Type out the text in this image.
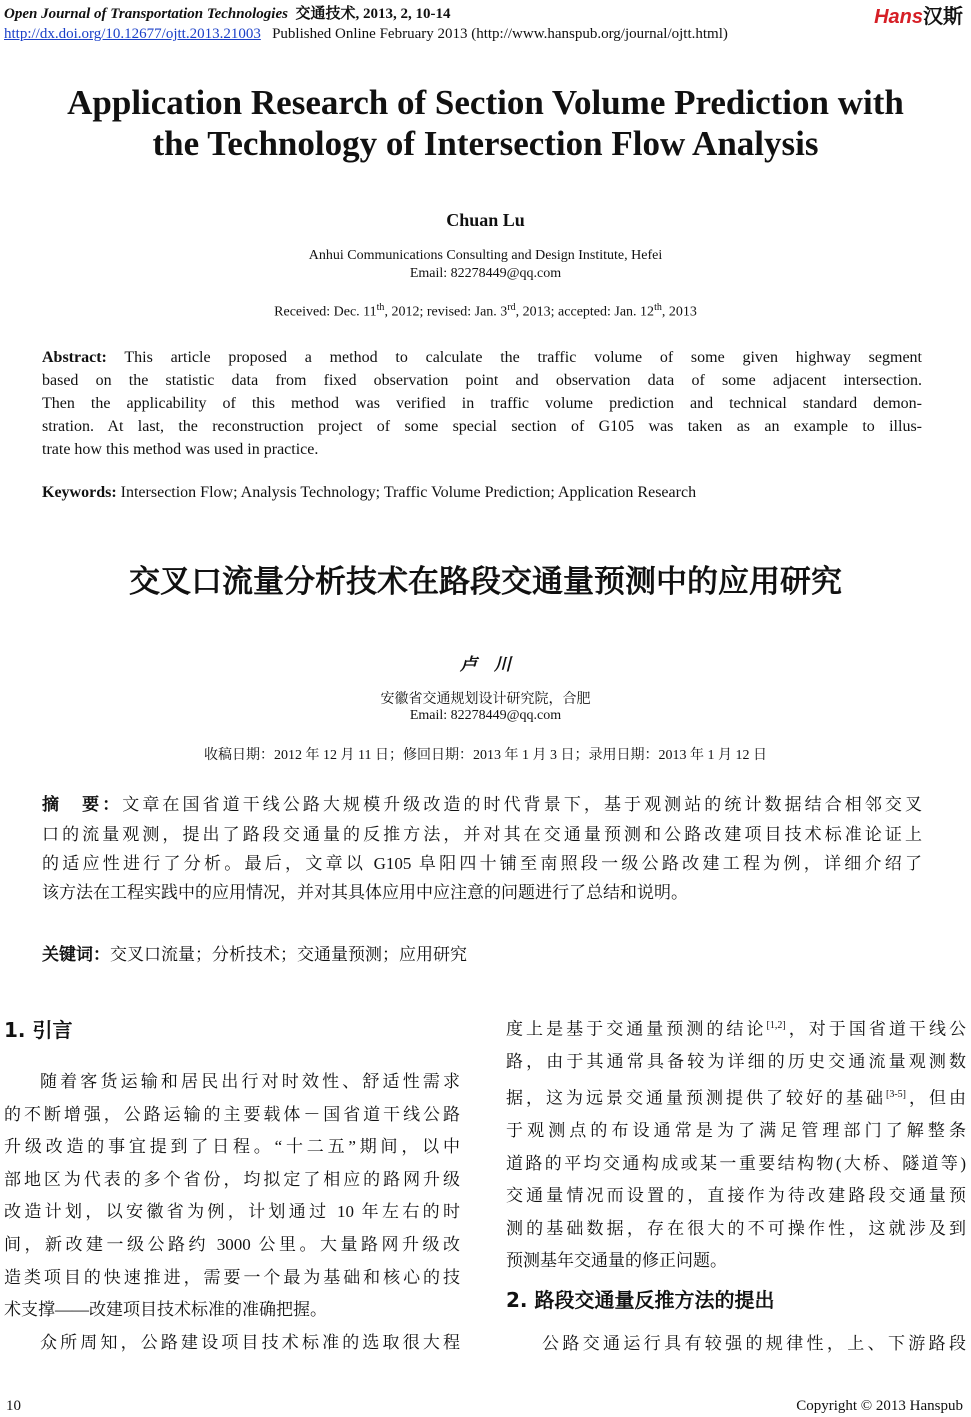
Open Journal of Transportation Technologies 交通技术, 2013, 2, 10-14	Hans汉斯
http://dx.doi.org/10.12677/ojtt.2013.21003 Published Online February 2013 (http://www.hanspub.org/journal/ojtt.html)
Application Research of Section Volume Prediction with
the Technology of Intersection Flow Analysis
Chuan Lu
Anhui Communications Consulting and Design Institute, Hefei
Email: 82278449@qq.com
Received: Dec. 11th, 2012; revised: Jan. 3rd, 2013; accepted: Jan. 12th, 2013
Abstract: This article proposed a method to calculate the traffic volume of some given highway segment
based on the statistic data from fixed observation point and observation data of some adjacent intersection.
Then the applicability of this method was verified in traffic volume prediction and technical standard demon-
stration. At last, the reconstruction project of some special section of G105 was taken as an example to illus-
trate how this method was used in practice.
Keywords: Intersection Flow; Analysis Technology; Traffic Volume Prediction; Application Research
交叉口流量分析技术在路段交通量预测中的应用研究
卢　川
安徽省交通规划设计研究院，合肥
Email: 82278449@qq.com
收稿日期：2012 年 12 月 11 日；修回日期：2013 年 1 月 3 日；录用日期：2013 年 1 月 12 日
摘　要：文章在国省道干线公路大规模升级改造的时代背景下，基于观测站的统计数据结合相邻交叉
口的流量观测，提出了路段交通量的反推方法，并对其在交通量预测和公路改建项目技术标准论证上
的适应性进行了分析。最后，文章以 G105 阜阳四十铺至南照段一级公路改建工程为例，详细介绍了
该方法在工程实践中的应用情况，并对其具体应用中应注意的问题进行了总结和说明。
关键词：交叉口流量；分析技术；交通量预测；应用研究
1. 引言
随着客货运输和居民出行对时效性、舒适性需求
的不断增强，公路运输的主要载体－国省道干线公路
升级改造的事宜提到了日程。“十二五”期间，以中
部地区为代表的多个省份，均拟定了相应的路网升级
改造计划，以安徽省为例，计划通过 10 年左右的时
间，新改建一级公路约 3000 公里。大量路网升级改
造类项目的快速推进，需要一个最为基础和核心的技
术支撑——改建项目技术标准的准确把握。
众所周知，公路建设项目技术标准的选取很大程
度上是基于交通量预测的结论[1,2]，对于国省道干线公
路，由于其通常具备较为详细的历史交通流量观测数
据，这为远景交通量预测提供了较好的基础[3-5]，但由
于观测点的布设通常是为了满足管理部门了解整条
道路的平均交通构成或某一重要结构物(大桥、隧道等)
交通量情况而设置的，直接作为待改建路段交通量预
测的基础数据，存在很大的不可操作性，这就涉及到
预测基年交通量的修正问题。
2. 路段交通量反推方法的提出
公路交通运行具有较强的规律性，上、下游路段
10	Copyright © 2013 Hanspub
